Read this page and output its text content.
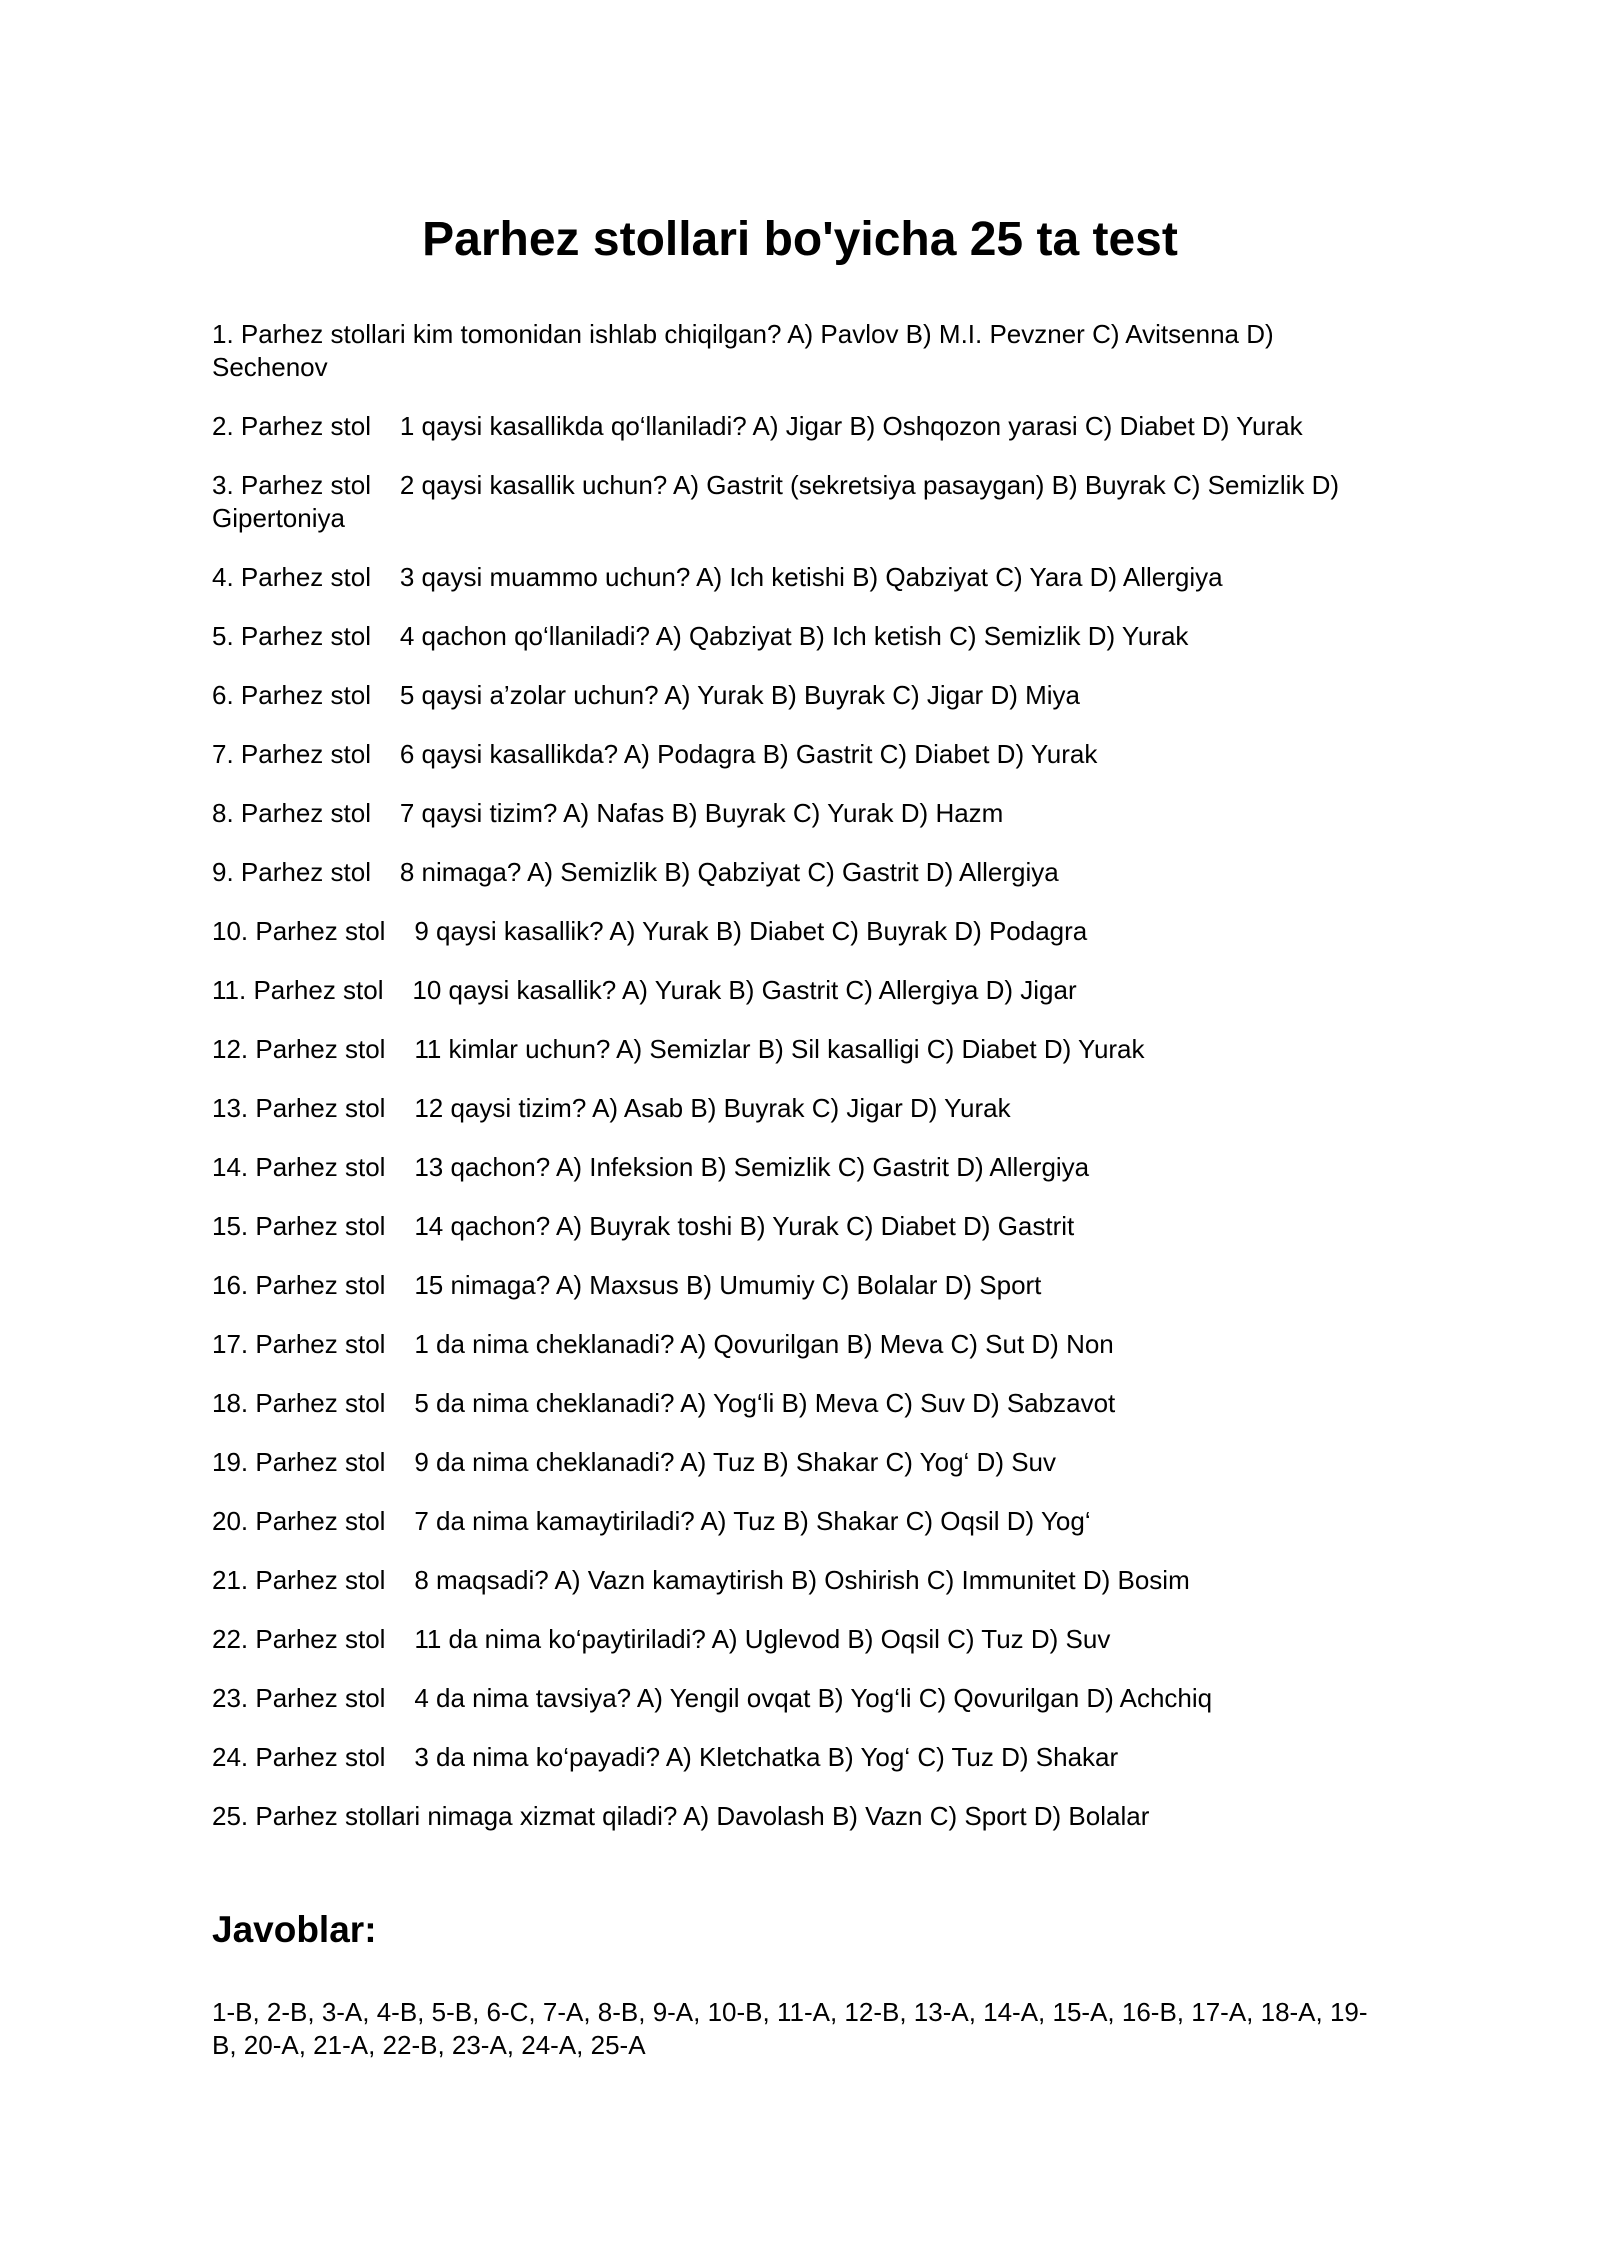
Parhez stollari bo'yicha 25 ta test
1. Parhez stollari kim tomonidan ishlab chiqilgan? A) Pavlov B) M.I. Pevzner C) Avitsenna D) Sechenov
2. Parhez stol    1 qaysi kasallikda qo‘llaniladi? A) Jigar B) Oshqozon yarasi C) Diabet D) Yurak
3. Parhez stol    2 qaysi kasallik uchun? A) Gastrit (sekretsiya pasaygan) B) Buyrak C) Semizlik D) Gipertoniya
4. Parhez stol    3 qaysi muammo uchun? A) Ich ketishi B) Qabziyat C) Yara D) Allergiya
5. Parhez stol    4 qachon qo‘llaniladi? A) Qabziyat B) Ich ketish C) Semizlik D) Yurak
6. Parhez stol    5 qaysi a’zolar uchun? A) Yurak B) Buyrak C) Jigar D) Miya
7. Parhez stol    6 qaysi kasallikda? A) Podagra B) Gastrit C) Diabet D) Yurak
8. Parhez stol    7 qaysi tizim? A) Nafas B) Buyrak C) Yurak D) Hazm
9. Parhez stol    8 nimaga? A) Semizlik B) Qabziyat C) Gastrit D) Allergiya
10. Parhez stol    9 qaysi kasallik? A) Yurak B) Diabet C) Buyrak D) Podagra
11. Parhez stol    10 qaysi kasallik? A) Yurak B) Gastrit C) Allergiya D) Jigar
12. Parhez stol    11 kimlar uchun? A) Semizlar B) Sil kasalligi C) Diabet D) Yurak
13. Parhez stol    12 qaysi tizim? A) Asab B) Buyrak C) Jigar D) Yurak
14. Parhez stol    13 qachon? A) Infeksion B) Semizlik C) Gastrit D) Allergiya
15. Parhez stol    14 qachon? A) Buyrak toshi B) Yurak C) Diabet D) Gastrit
16. Parhez stol    15 nimaga? A) Maxsus B) Umumiy C) Bolalar D) Sport
17. Parhez stol    1 da nima cheklanadi? A) Qovurilgan B) Meva C) Sut D) Non
18. Parhez stol    5 da nima cheklanadi? A) Yog‘li B) Meva C) Suv D) Sabzavot
19. Parhez stol    9 da nima cheklanadi? A) Tuz B) Shakar C) Yog‘ D) Suv
20. Parhez stol    7 da nima kamaytiriladi? A) Tuz B) Shakar C) Oqsil D) Yog‘
21. Parhez stol    8 maqsadi? A) Vazn kamaytirish B) Oshirish C) Immunitet D) Bosim
22. Parhez stol    11 da nima ko‘paytiriladi? A) Uglevod B) Oqsil C) Tuz D) Suv
23. Parhez stol    4 da nima tavsiya? A) Yengil ovqat B) Yog‘li C) Qovurilgan D) Achchiq
24. Parhez stol    3 da nima ko‘payadi? A) Kletchatka B) Yog‘ C) Tuz D) Shakar
25. Parhez stollari nimaga xizmat qiladi? A) Davolash B) Vazn C) Sport D) Bolalar
Javoblar:

1-B, 2-B, 3-A, 4-B, 5-B, 6-C, 7-A, 8-B, 9-A, 10-B, 11-A, 12-B, 13-A, 14-A, 15-A, 16-B, 17-A, 18-A, 19-B, 20-A, 21-A, 22-B, 23-A, 24-A, 25-A
